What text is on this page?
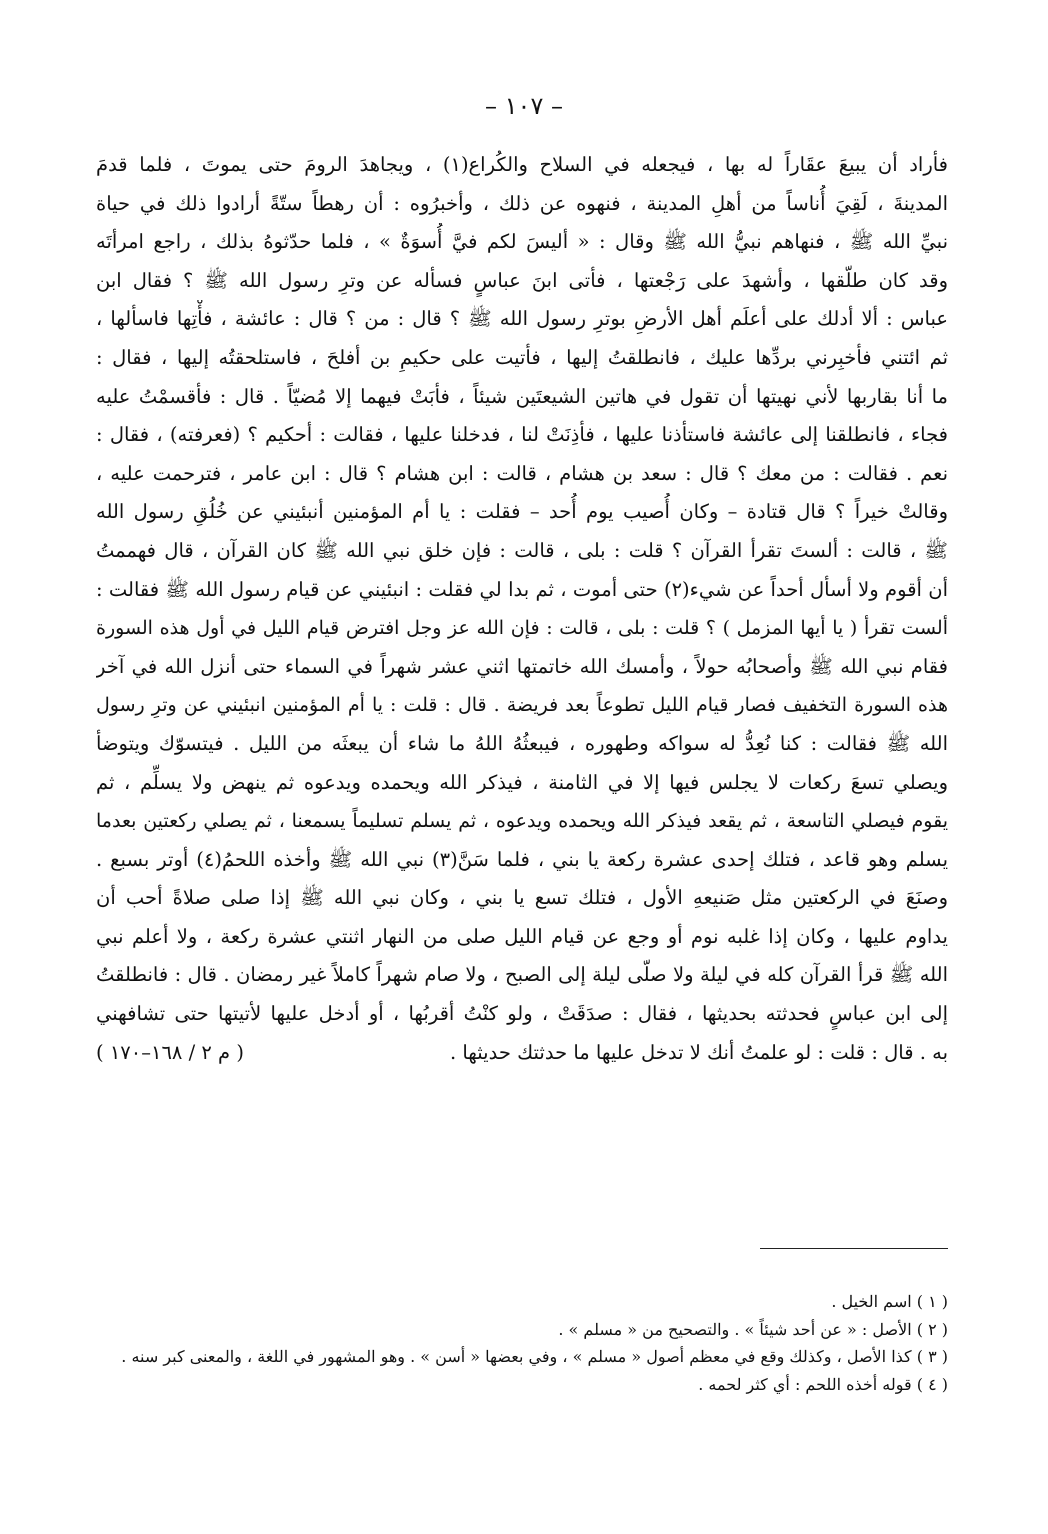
– ١٠٧ –
فأراد أن يبيعَ عقَاراً له بها ، فيجعله في السلاح والكُراع(١) ، ويجاهدَ الرومَ حتى يموتَ ، فلما قدمَ
المدينةَ ، لَقِيَ أُناساً من أهلِ المدينة ، فنهوه عن ذلك ، وأخبرُوه : أن رهطاً ستّةً أرادوا ذلك في حياة
نبيِّ الله ﷺ ، فنهاهم نبيُّ الله ﷺ وقال : « أليسَ لكم فيَّ أُسوَةٌ » ، فلما حدّثوهُ بذلك ، راجع امرأتَه
وقد كان طلّقها ، وأشهدَ على رَجْعتها ، فأتى ابنَ عباسٍ فسأله عن وترِ رسول الله ﷺ ؟ فقال ابن
عباس : ألا أدلك على أعلَم أهل الأرضِ بوترِ رسول الله ﷺ ؟ قال : من ؟ قال : عائشة ، فأْتِها فاسألها ،
ثم ائتني فأخبِرني بردِّها عليك ، فانطلقتُ إليها ، فأتيت على حكيمِ بن أفلحَ ، فاستلحقتُه إليها ، فقال :
ما أنا بقاربها لأني نهيتها أن تقول في هاتين الشيعتَين شيئاً ، فأبَتْ فيهما إلا مُضيّاً . قال : فأقسمْتُ عليه
فجاء ، فانطلقنا إلى عائشة فاستأذنا عليها ، فأذِنَتْ لنا ، فدخلنا عليها ، فقالت : أحكيم ؟ (فعرفته) ، فقال :
نعم . فقالت : من معك ؟ قال : سعد بن هشام ، قالت : ابن هشام ؟ قال : ابن عامر ، فترحمت عليه ،
وقالتْ خيراً ؟ قال قتادة – وكان أُصيب يوم أُحد – فقلت : يا أم المؤمنين أنبئيني عن خُلُقِ رسول الله
ﷺ ، قالت : ألستَ تقرأ القرآن ؟ قلت : بلى ، قالت : فإن خلق نبي الله ﷺ كان القرآن ، قال فهممتُ
أن أقوم ولا أسأل أحداً عن شيء(٢) حتى أموت ، ثم بدا لي فقلت : انبئيني عن قيام رسول الله ﷺ فقالت :
ألست تقرأ ( يا أيها المزمل ) ؟ قلت : بلى ، قالت : فإن الله عز وجل افترض قيام الليل في أول هذه السورة
فقام نبي الله ﷺ وأصحابُه حولاً ، وأمسك الله خاتمتها اثني عشر شهراً في السماء حتى أنزل الله في آخر
هذه السورة التخفيف فصار قيام الليل تطوعاً بعد فريضة . قال : قلت : يا أم المؤمنين انبئيني عن وترِ رسول
الله ﷺ فقالت : كنا نُعِدُّ له سواكه وطهوره ، فيبعثُهُ اللهُ ما شاء أن يبعثَه من الليل . فيتسوّك ويتوضأ
ويصلي تسعَ ركعات لا يجلس فيها إلا في الثامنة ، فيذكر الله ويحمده ويدعوه ثم ينهض ولا يسلِّم ، ثم
يقوم فيصلي التاسعة ، ثم يقعد فيذكر الله ويحمده ويدعوه ، ثم يسلم تسليماً يسمعنا ، ثم يصلي ركعتين بعدما
يسلم وهو قاعد ، فتلك إحدى عشرة ركعة يا بني ، فلما سَنَّ(٣) نبي الله ﷺ وأخذه اللحمُ(٤) أوتر بسبع .
وصنَعَ في الركعتين مثل صَنيعهِ الأول ، فتلك تسع يا بني ، وكان نبي الله ﷺ إذا صلى صلاةً أحب أن
يداوم عليها ، وكان إذا غلبه نوم أو وجع عن قيام الليل صلى من النهار اثنتي عشرة ركعة ، ولا أعلم نبي
الله ﷺ قرأ القرآن كله في ليلة ولا صلّى ليلة إلى الصبح ، ولا صام شهراً كاملاً غير رمضان . قال : فانطلقتُ
إلى ابن عباسٍ فحدثته بحديثها ، فقال : صدَقَتْ ، ولو كنْتُ أقربُها ، أو أدخل عليها لأتيتها حتى تشافهني
به . قال : قلت : لو علمتُ أنك لا تدخل عليها ما حدثتك حديثها .
( م ٢ / ١٦٨–١٧٠ )
( ١ ) اسم الخيل .
( ٢ ) الأصل : « عن أحد شيئاً » . والتصحيح من « مسلم » .
( ٣ ) كذا الأصل ، وكذلك وقع في معظم أصول « مسلم » ، وفي بعضها « أسن » . وهو المشهور في اللغة ، والمعنى كبر سنه .
( ٤ ) قوله أخذه اللحم : أي كثر لحمه .
